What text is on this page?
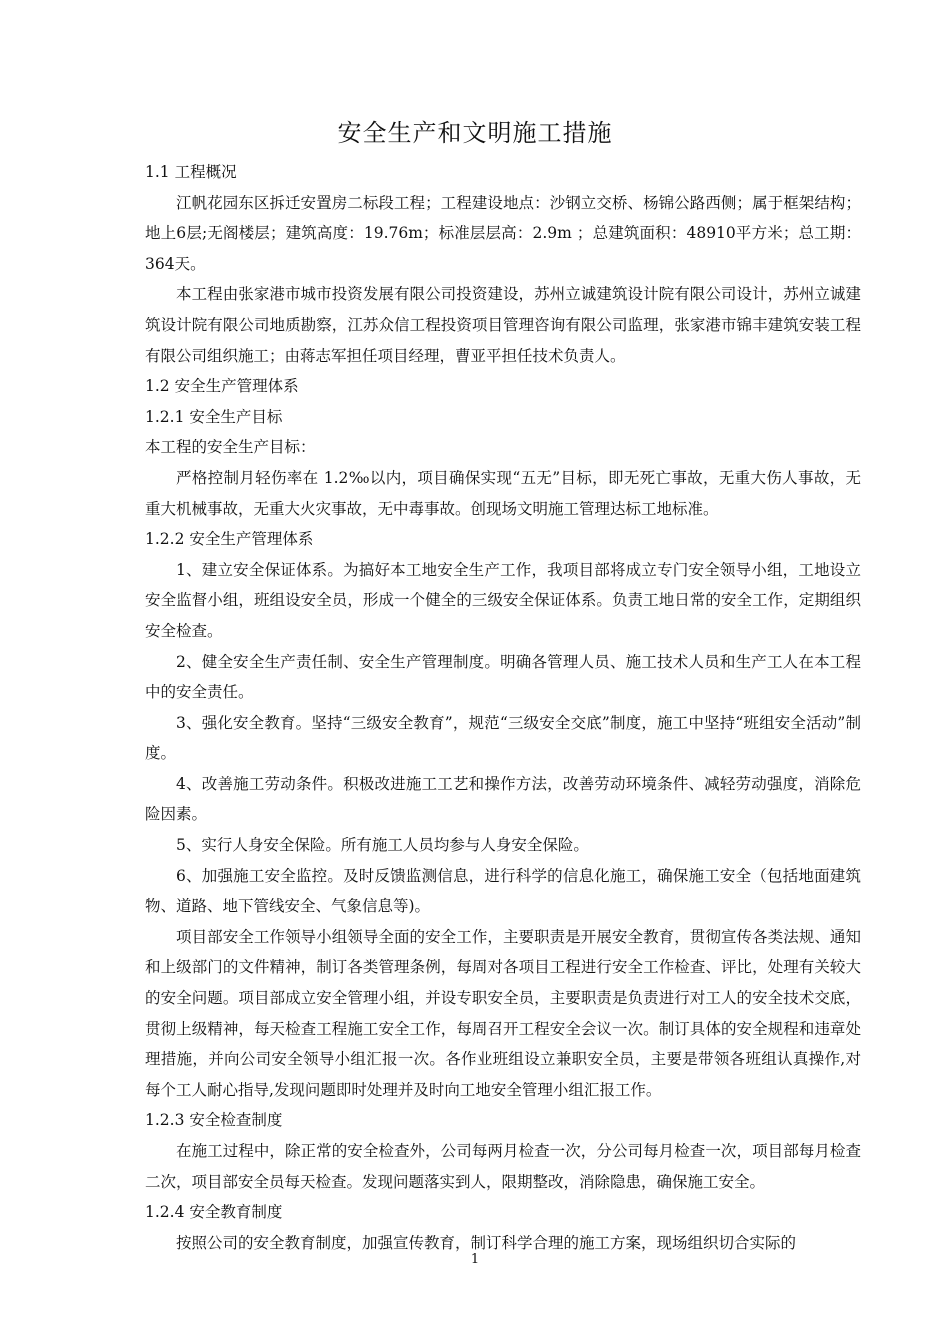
安全生产和文明施工措施

1.1 工程概况

江帆花园东区拆迁安置房二标段工程；工程建设地点：沙钢立交桥、杨锦公路西侧；属于框架结构；地上6层;无阁楼层；建筑高度：19.76m；标准层层高：2.9m ；总建筑面积：48910平方米；总工期：364天。

本工程由张家港市城市投资发展有限公司投资建设，苏州立诚建筑设计院有限公司设计，苏州立诚建筑设计院有限公司地质勘察，江苏众信工程投资项目管理咨询有限公司监理，张家港市锦丰建筑安装工程有限公司组织施工；由蒋志军担任项目经理，曹亚平担任技术负责人。

1.2 安全生产管理体系

1.2.1 安全生产目标

本工程的安全生产目标：

严格控制月轻伤率在 1.2‰以内，项目确保实现“五无”目标，即无死亡事故，无重大伤人事故，无重大机械事故，无重大火灾事故，无中毒事故。创现场文明施工管理达标工地标准。

1.2.2 安全生产管理体系

1、建立安全保证体系。为搞好本工地安全生产工作，我项目部将成立专门安全领导小组，工地设立安全监督小组，班组设安全员，形成一个健全的三级安全保证体系。负责工地日常的安全工作，定期组织安全检查。

2、健全安全生产责任制、安全生产管理制度。明确各管理人员、施工技术人员和生产工人在本工程中的安全责任。

3、强化安全教育。坚持“三级安全教育”，规范“三级安全交底”制度，施工中坚持“班组安全活动”制度。

4、改善施工劳动条件。积极改进施工工艺和操作方法，改善劳动环境条件、减轻劳动强度，消除危险因素。

5、实行人身安全保险。所有施工人员均参与人身安全保险。

6、加强施工安全监控。及时反馈监测信息，进行科学的信息化施工，确保施工安全（包括地面建筑物、道路、地下管线安全、气象信息等)。

项目部安全工作领导小组领导全面的安全工作，主要职责是开展安全教育，贯彻宣传各类法规、通知和上级部门的文件精神，制订各类管理条例，每周对各项目工程进行安全工作检查、评比，处理有关较大的安全问题。项目部成立安全管理小组，并设专职安全员，主要职责是负责进行对工人的安全技术交底，贯彻上级精神，每天检查工程施工安全工作，每周召开工程安全会议一次。制订具体的安全规程和违章处理措施，并向公司安全领导小组汇报一次。各作业班组设立兼职安全员，主要是带领各班组认真操作,对每个工人耐心指导,发现问题即时处理并及时向工地安全管理小组汇报工作。

1.2.3 安全检查制度

在施工过程中，除正常的安全检查外，公司每两月检查一次，分公司每月检查一次，项目部每月检查二次，项目部安全员每天检查。发现问题落实到人，限期整改，消除隐患，确保施工安全。

1.2.4 安全教育制度

按照公司的安全教育制度，加强宣传教育，制订科学合理的施工方案，现场组织切合实际的

1
